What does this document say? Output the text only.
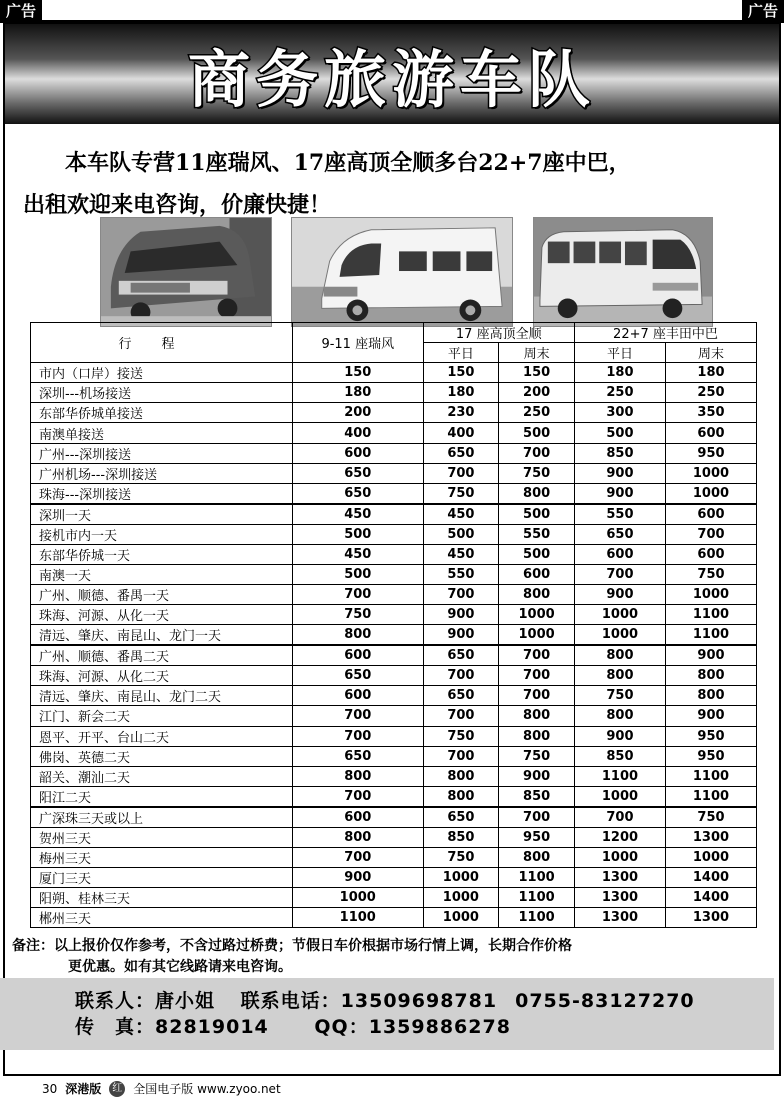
广告	广告
商务旅游车队
本车队专营11座瑞风、17座高顶全顺多台22+7座中巴，
出租欢迎来电咨询，价廉快捷！
行程	9-11 座瑞风	17 座高顶全顺		22+7 座丰田中巴	
		平日	周末	平日	周末
市内（口岸）接送	150	150	150	180	180
深圳---机场接送	180	180	200	250	250
东部华侨城单接送	200	230	250	300	350
南澳单接送	400	400	500	500	600
广州---深圳接送	600	650	700	850	950
广州机场---深圳接送	650	700	750	900	1000
珠海---深圳接送	650	750	800	900	1000
深圳一天	450	450	500	550	600
接机市内一天	500	500	550	650	700
东部华侨城一天	450	450	500	600	600
南澳一天	500	550	600	700	750
广州、顺德、番禺一天	700	700	800	900	1000
珠海、河源、从化一天	750	900	1000	1000	1100
清远、肇庆、南昆山、龙门一天	800	900	1000	1000	1100
广州、顺德、番禺二天	600	650	700	800	900
珠海、河源、从化二天	650	700	700	800	800
清远、肇庆、南昆山、龙门二天	600	650	700	750	800
江门、新会二天	700	700	800	800	900
恩平、开平、台山二天	700	750	800	900	950
佛岗、英德二天	650	700	750	850	950
韶关、潮汕二天	800	800	900	1100	1100
阳江二天	700	800	850	1000	1100
广深珠三天或以上	600	650	700	700	750
贺州三天	800	850	950	1200	1300
梅州三天	700	750	800	1000	1000
厦门三天	900	1000	1100	1300	1400
阳朔、桂林三天	1000	1000	1100	1300	1400
郴州三天	1100	1000	1100	1300	1300
备注：以上报价仅作参考，不含过路过桥费；节假日车价根据市场行情上调，长期合作价格
更优惠。如有其它线路请来电咨询。
联系人：唐小姐 联系电话：13509698781 0755-83127270
传　真：82819014 QQ：1359886278
30 深港版	红 全国电子版 www.zyoo.net
